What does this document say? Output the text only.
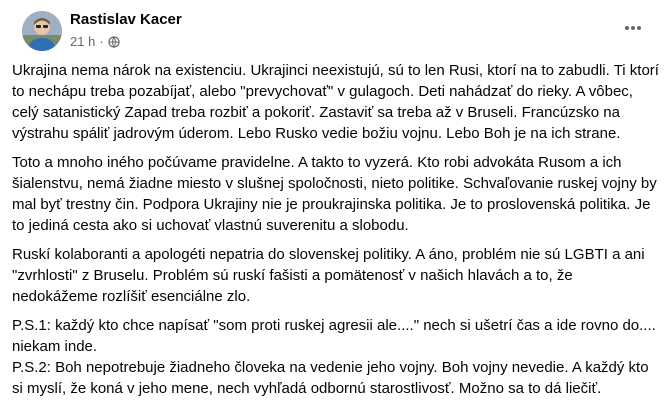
Rastislav Kacer
21 h ·

Ukrajina nema nárok na existenciu. Ukrajinci neexistujú, sú to len Rusi, ktorí na to zabudli. Ti ktorí to nechápu treba pozabíjať, alebo "prevychovať" v gulagoch. Deti nahádzať do rieky. A vôbec, celý satanistický Zapad treba rozbiť a pokoriť. Zastaviť sa treba až v Bruseli. Francúzsko na výstrahu spáliť jadrovým úderom. Lebo Rusko vedie božiu vojnu. Lebo Boh je na ich strane.

Toto a mnoho iného počúvame pravidelne. A takto to vyzerá. Kto robi advokáta Rusom a ich šialenstvu, nemá žiadne miesto v slušnej spoločnosti, nieto politike. Schvaľovanie ruskej vojny by mal byť trestny čin. Podpora Ukrajiny nie je proukrajinska politika. Je to proslovenská politika. Je to jediná cesta ako si uchovať vlastnú suverenitu a slobodu.

Ruskí kolaboranti a apologéti nepatria do slovenskej politiky. A áno, problém nie sú LGBTI a ani "zvrhlosti" z Bruselu. Problém sú ruskí fašisti a pomätenosť v našich hlavách a to, že nedokážeme rozlíšiť esenciálne zlo.

P.S.1: každý kto chce napísať "som proti ruskej agresii ale...." nech si ušetrí čas a ide rovno do.... niekam inde.
P.S.2: Boh nepotrebuje žiadneho človeka na vedenie jeho vojny. Boh vojny nevedie. A každý kto si myslí, že koná v jeho mene, nech vyhľadá odbornú starostlivosť. Možno sa to dá liečiť.
